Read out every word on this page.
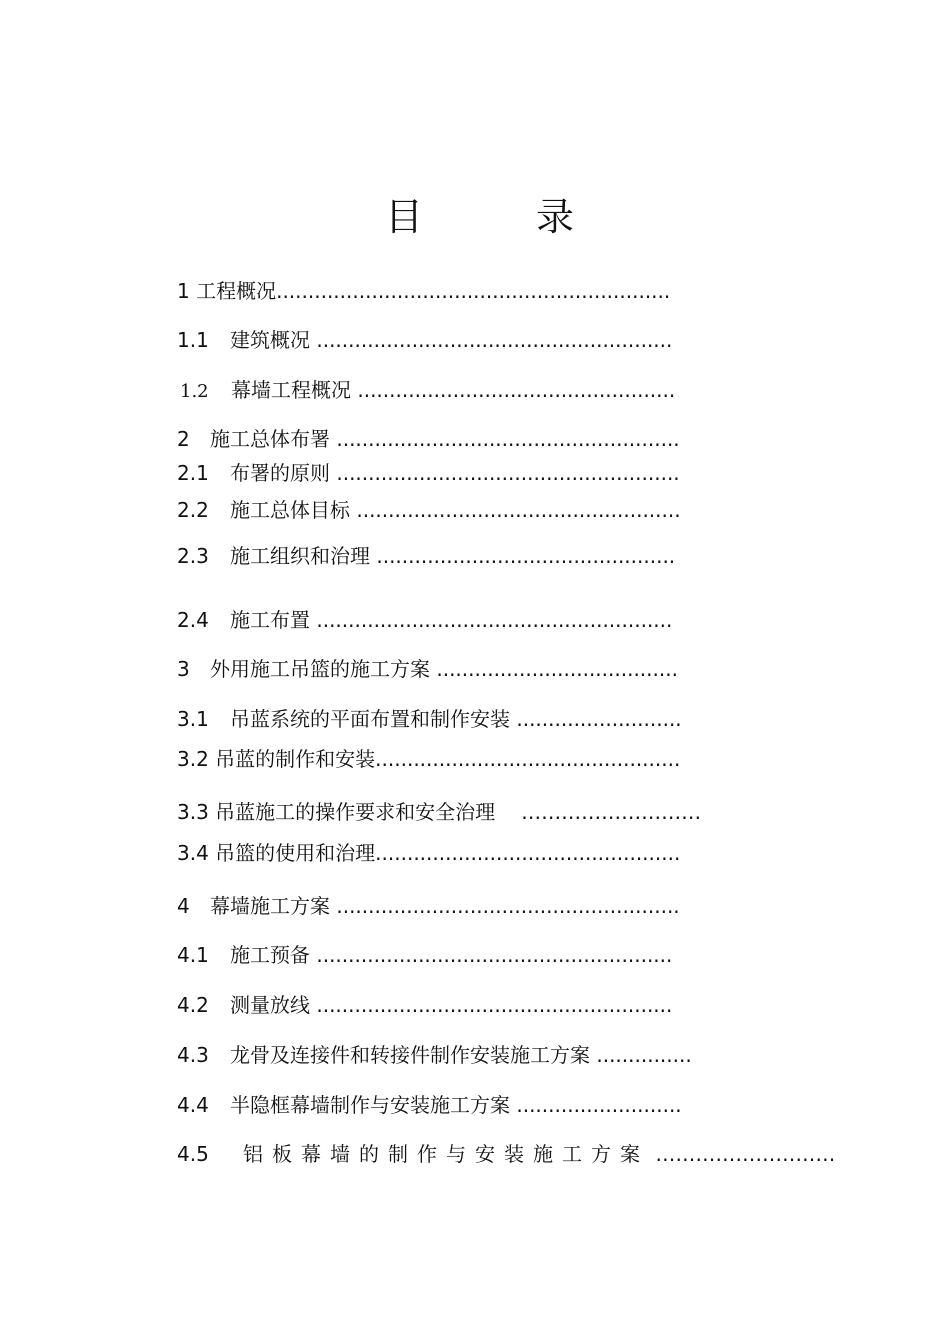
目	录
1 工程概况..............................................................
1.1 建筑概况 ........................................................
1.2 幕墙工程概况 ..................................................
2 施工总体布署 ......................................................
2.1 布署的原则 ......................................................
2.2 施工总体目标 ...................................................
2.3 施工组织和治理 ...............................................
2.4 施工布置 ........................................................
3 外用施工吊篮的施工方案 ......................................
3.1 吊蓝系统的平面布置和制作安装 ..........................
3.2 吊蓝的制作和安装................................................
3.3 吊蓝施工的操作要求和安全治理 ………………………
3.4 吊篮的使用和治理................................................
4 幕墙施工方案 ......................................................
4.1 施工预备 ........................................................
4.2 测量放线 ........................................................
4.3 龙骨及连接件和转接件制作安装施工方案 ...............
4.4 半隐框幕墙制作与安装施工方案 ..........................
4.5 铝板幕墙的制作与安装施工方案 ………………………
